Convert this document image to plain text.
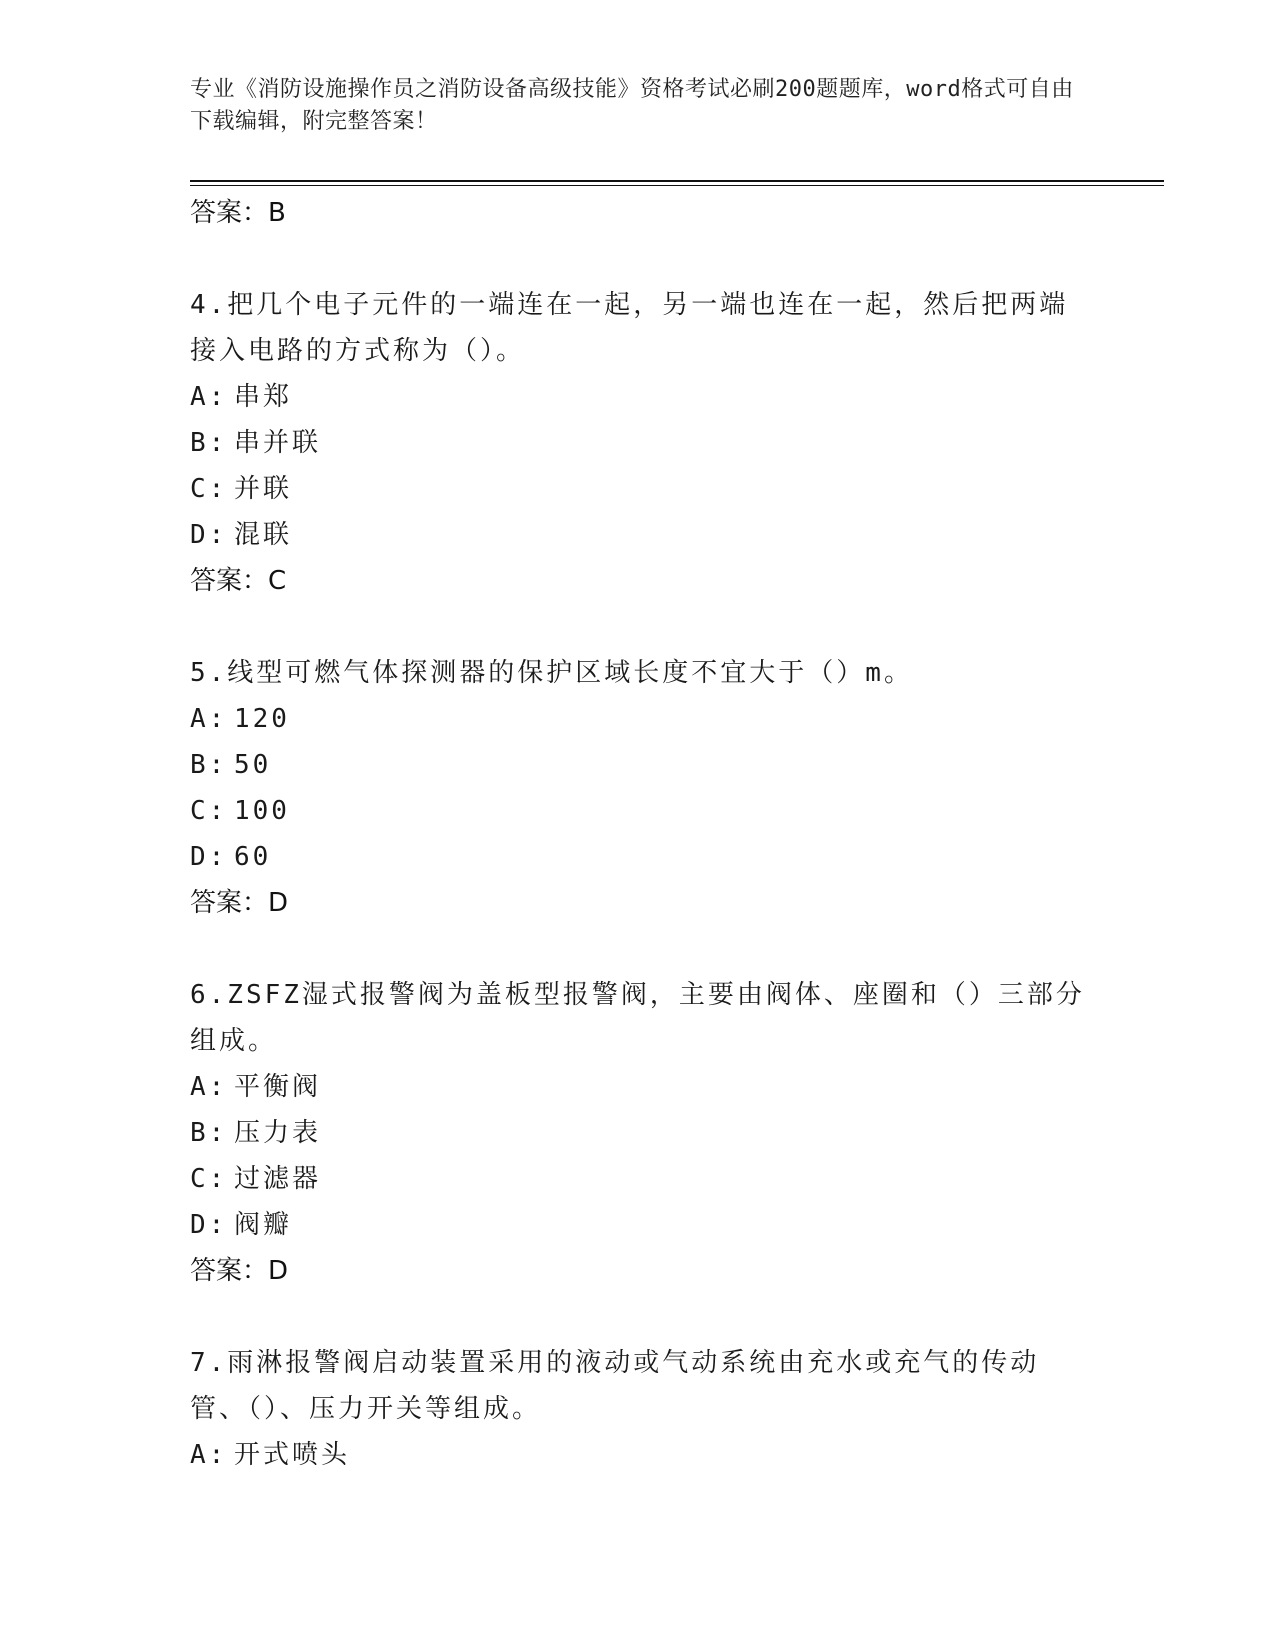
专业《消防设施操作员之消防设备高级技能》资格考试必刷200题题库，word格式可自由下载编辑，附完整答案！
答案：B
4.把几个电子元件的一端连在一起，另一端也连在一起，然后把两端接入电路的方式称为（）。
A: 串郑
B: 串并联
C: 并联
D: 混联
答案：C
5.线型可燃气体探测器的保护区域长度不宜大于（）m。
A: 120
B: 50
C: 100
D: 60
答案：D
6.ZSFZ湿式报警阀为盖板型报警阀，主要由阀体、座圈和（）三部分组成。
A: 平衡阀
B: 压力表
C: 过滤器
D: 阀瓣
答案：D
7.雨淋报警阀启动装置采用的液动或气动系统由充水或充气的传动管、（）、压力开关等组成。
A: 开式喷头
